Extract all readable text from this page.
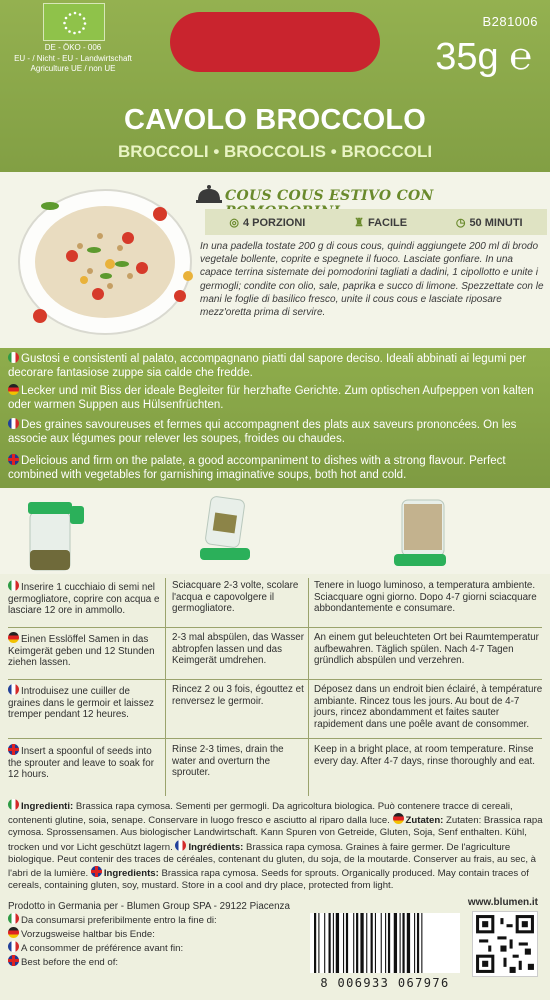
DE - ÖKO - 006
EU - / Nicht - EU - Landwirtschaft
Agriculture UE / non UE
B281006
35g ℮
CAVOLO BROCCOLO
BROCCOLI • BROCCOLIS • BROCCOLI
COUS COUS ESTIVO CON
◎ 4 PORZIONI	♜ FACILE	◷ 50 MINUTI
In una padella tostate 200 g di cous cous, quindi aggiungete 200 ml di brodo vegetale bollente, coprite e spegnete il fuoco. Lasciate gonfiare. In una capace terrina sistemate dei pomodorini tagliati a dadini, 1 cipollotto e unite i germogli; condite con olio, sale, paprika e succo di limone. Spezzettate con le mani le foglie di basilico fresco, unite il cous cous e lasciate riposare mezz'oretta prima di servire.
Gustosi e consistenti al palato, accompagnano piatti dal sapore deciso. Ideali abbinati ai legumi per decorare fantasiose zuppe sia calde che fredde.
Lecker und mit Biss der ideale Begleiter für herzhafte Gerichte. Zum optischen Aufpeppen von kalten oder warmen Suppen aus Hülsenfrüchten.
Des graines savoureuses et fermes qui accompagnent des plats aux saveurs prononcées. On les associe aux légumes pour relever les soupes, froides ou chaudes.
Delicious and firm on the palate, a good accompaniment to dishes with a strong flavour. Perfect combined with vegetables for garnishing imaginative soups, both hot and cold.
Inserire 1 cucchiaio di semi nel germogliatore, coprire con acqua e lasciare 12 ore in ammollo.
Sciacquare 2-3 volte, scolare l'acqua e capovolgere il germogliatore.
Tenere in luogo luminoso, a temperatura ambiente. Sciacquare ogni giorno. Dopo 4-7 giorni sciacquare abbondantemente e consumare.
Einen Esslöffel Samen in das Keimgerät geben und 12 Stunden ziehen lassen.
2-3 mal abspülen, das Wasser abtropfen lassen und das Keimgerät umdrehen.
An einem gut beleuchteten Ort bei Raumtemperatur aufbewahren. Täglich spülen. Nach 4-7 Tagen gründlich abspülen und verzehren.
Introduisez une cuiller de graines dans le germoir et laissez tremper pendant 12 heures.
Rincez 2 ou 3 fois, égouttez et renversez le germoir.
Déposez dans un endroit bien éclairé, à température ambiante. Rincez tous les jours. Au bout de 4-7 jours, rincez abondamment et faites sauter rapidement dans une poêle avant de consommer.
Insert a spoonful of seeds into the sprouter and leave to soak for 12 hours.
Rinse 2-3 times, drain the water and overturn the sprouter.
Keep in a bright place, at room temperature. Rinse every day. After 4-7 days, rinse thoroughly and eat.
Ingredienti: Brassica rapa cymosa. Sementi per germogli. Da agricoltura biologica. Può contenere tracce di cereali, contenenti glutine, soia, senape. Conservare in luogo fresco e asciutto al riparo dalla luce. Zutaten: Zutaten: Brassica rapa cymosa. Sprossensamen. Aus biologischer Landwirtschaft. Kann Spuren von Getreide, Gluten, Soja, Senf enthalten. Kühl, trocken und vor Licht geschützt lagern. Ingrédients: Brassica rapa cymosa. Graines à faire germer. De l'agriculture biologique. Peut contenir des traces de céréales, contenant du gluten, du soja, de la moutarde. Conserver au frais, au sec, à l'abri de la lumière. Ingredients: Brassica rapa cymosa. Seeds for sprouts. Organically produced. May contain traces of cereals, containing gluten, soy, mustard. Store in a cool and dry place, protected from light.
Prodotto in Germania per - Blumen Group SPA - 29122 Piacenza
Da consumarsi preferibilmente entro la fine di:
Vorzugsweise haltbar bis Ende:
A consommer de préférence avant fin:
Best before the end of:
www.blumen.it
8 006933 067976
